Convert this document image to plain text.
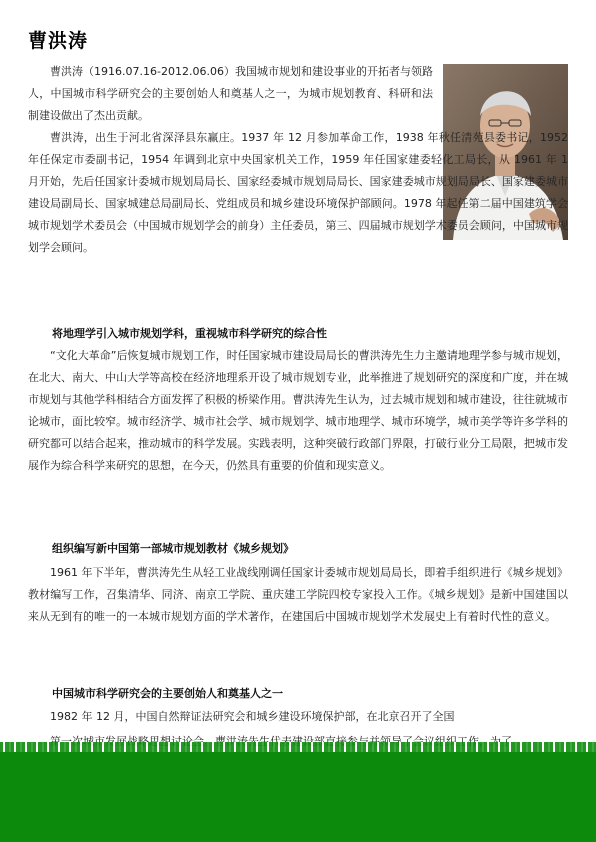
曹洪涛

曹洪涛（1916.07.16-2012.06.06）我国城市规划和建设事业的开拓者与领路人，中国城市科学研究会的主要创始人和奠基人之一，为城市规划教育、科研和法制建设做出了杰出贡献。

曹洪涛，出生于河北省深泽县东赢庄。1937 年 12 月参加革命工作，1938 年秋任清苑县委书记，1952 年任保定市委副书记，1954 年调到北京中央国家机关工作，1959 年任国家建委轻化工局长，从 1961 年 1 月开始，先后任国家计委城市规划局局长、国家经委城市规划局局长、国家建委城市规划局局长、国家建委城市建设局副局长、国家城建总局副局长、党组成员和城乡建设环境保护部顾问。1978 年起任第二届中国建筑学会城市规划学术委员会（中国城市规划学会的前身）主任委员，第三、四届城市规划学术委员会顾问，中国城市规划学会顾问。

将地理学引入城市规划学科，重视城市科学研究的综合性

“文化大革命”后恢复城市规划工作，时任国家城市建设局局长的曹洪涛先生力主邀请地理学参与城市规划，在北大、南大、中山大学等高校在经济地理系开设了城市规划专业，此举推进了规划研究的深度和广度，并在城市规划与其他学科相结合方面发挥了积极的桥梁作用。曹洪涛先生认为，过去城市规划和城市建设，往往就城市论城市，面比较窄。城市经济学、城市社会学、城市规划学、城市地理学、城市环境学，城市美学等许多学科的研究都可以结合起来，推动城市的科学发展。实践表明，这种突破行政部门界限，打破行业分工局限，把城市发展作为综合科学来研究的思想，在今天，仍然具有重要的价值和现实意义。

组织编写新中国第一部城市规划教材《城乡规划》

1961 年下半年，曹洪涛先生从轻工业战线刚调任国家计委城市规划局局长，即着手组织进行《城乡规划》教材编写工作，召集清华、同济、南京工学院、重庆建工学院四校专家投入工作。《城乡规划》是新中国建国以来从无到有的唯一的一本城市规划方面的学术著作，在建国后中国城市规划学术发展史上有着时代性的意义。

中国城市科学研究会的主要创始人和奠基人之一

1982 年 12 月，中国自然辩证法研究会和城乡建设环境保护部，在北京召开了全国
